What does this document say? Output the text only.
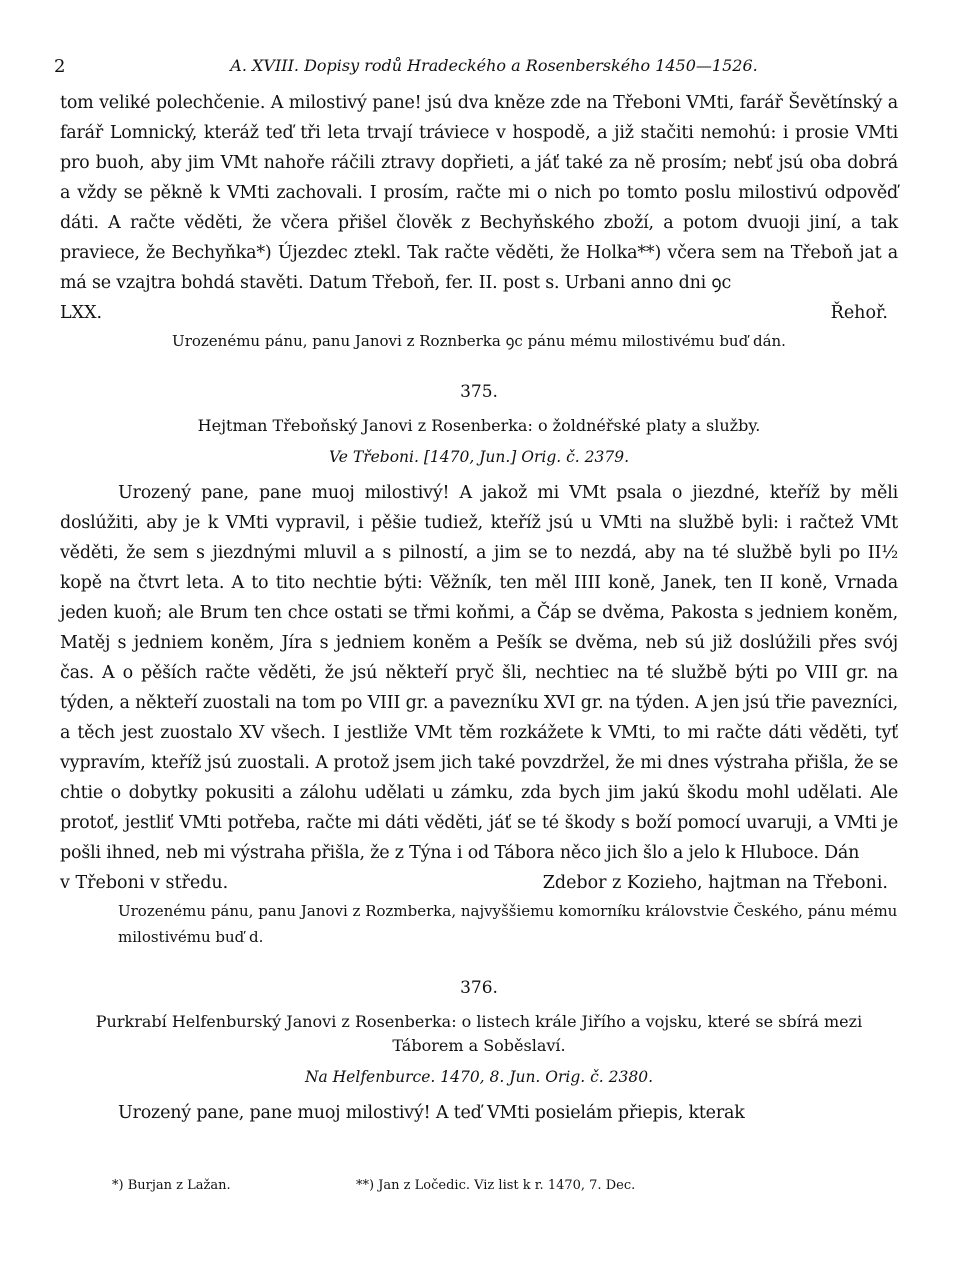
2	A. XVIII. Dopisy rodů Hradeckého a Rosenberského 1450—1526.

tom veliké polechčenie. A milostivý pane! jsú dva kněze zde na Třeboni VMti, farář Ševětínský a farář Lomnický, kteráž teď tři leta trvají tráviece v hospodě, a již stačiti nemohú: i prosie VMti pro buoh, aby jim VMt nahoře ráčili ztravy dopřieti, a jáť také za ně prosím; nebť jsú oba dobrá a vždy se pěkně k VMti zachovali. I prosím, račte mi o nich po tomto poslu milostivú odpověď dáti. A račte věděti, že včera přišel člověk z Bechyňského zboží, a potom dvuoji jiní, a tak praviece, že Bechyňka*) Újezdec ztekl. Tak račte věděti, že Holka**) včera sem na Třeboň jat a má se vzajtra bohdá stavěti. Datum Třeboň, fer. II. post s. Urbani anno dni ꝯc

LXX.	Řehoř.

Urozenému pánu, panu Janovi z Roznberka ꝯc pánu mému milostivému buď dán.

375.

Hejtman Třeboňský Janovi z Rosenberka: o žoldnéřské platy a služby.

Ve Třeboni. [1470, Jun.] Orig. č. 2379.

Urozený pane, pane muoj milostivý! A jakož mi VMt psala o jiezdné, kteříž by měli doslúžiti, aby je k VMti vypravil, i pěšie tudiež, kteříž jsú u VMti na službě byli: i račtež VMt věděti, že sem s jiezdnými mluvil a s pilností, a jim se to nezdá, aby na té službě byli po II½ kopě na čtvrt leta. A to tito nechtie býti: Věžník, ten měl IIII koně, Janek, ten II koně, Vrnada jeden kuoň; ale Brum ten chce ostati se třmi koňmi, a Čáp se dvěma, Pakosta s jedniem koněm, Matěj s jedniem koněm, Jíra s jedniem koněm a Pešík se dvěma, neb sú již doslúžili přes svój čas. A o pěších račte věděti, že jsú někteří pryč šli, nechtiec na té službě býti po VIII gr. na týden, a někteří zuostali na tom po VIII gr. a paveznίku XVI gr. na týden. A jen jsú třie pavezníci, a těch jest zuostalo XV všech. I jestliže VMt těm rozkážete k VMti, to mi račte dáti věděti, tyť vypravím, kteříž jsú zuostali. A protož jsem jich také povzdržel, že mi dnes výstraha přišla, že se chtie o dobytky pokusiti a zálohu udělati u zámku, zda bych jim jakú škodu mohl udělati. Ale protoť, jestliť VMti potřeba, račte mi dáti věděti, jáť se té škody s boží pomocí uvaruji, a VMti je pošli ihned, neb mi výstraha přišla, že z Týna i od Tábora něco jich šlo a jelo k Hluboce. Dán

v Třeboni v středu.	Zdebor z Kozieho, hajtman na Třeboni.

Urozenému pánu, panu Janovi z Rozmberka, najvyššiemu komorníku královstvie Českého, pánu mému milostivému buď d.

376.

Purkrabí Helfenburský Janovi z Rosenberka: o listech krále Jiřího a vojsku, které se sbírá mezi Táborem a Soběslaví.

Na Helfenburce. 1470, 8. Jun. Orig. č. 2380.

Urozený pane, pane muoj milostivý! A teď VMti posielám přiepis, kterak

*) Burjan z Lažan.	**) Jan z Ločedic. Viz list k r. 1470, 7. Dec.
